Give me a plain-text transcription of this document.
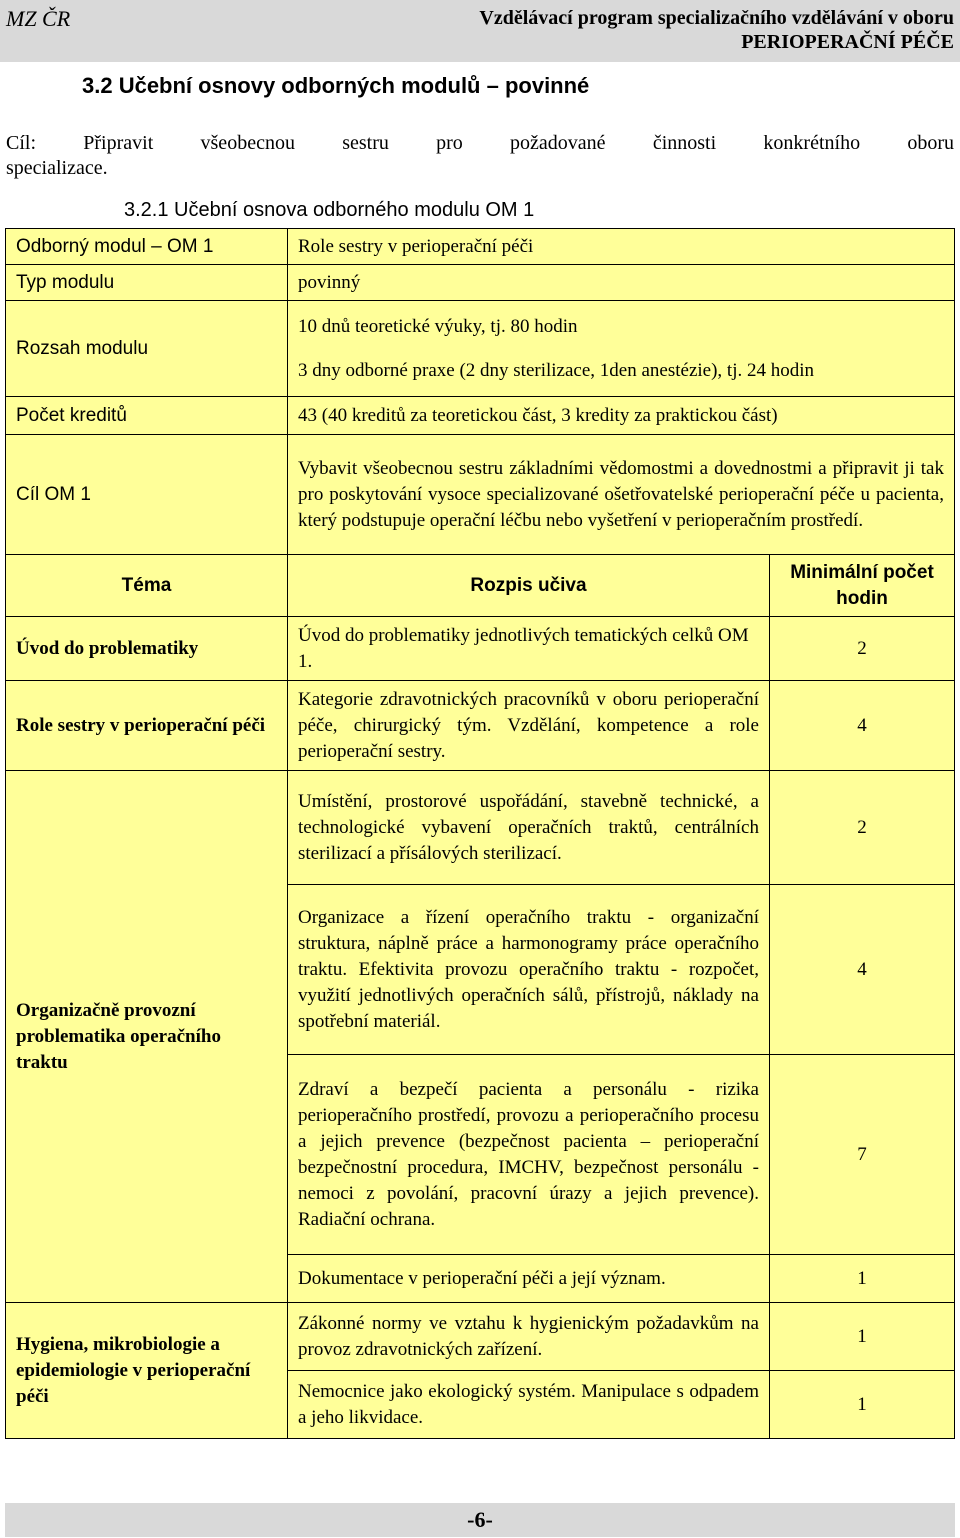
MZ ČR	Vzdělávací program specializačního vzdělávání v oboru
PERIOPERAČNÍ PÉČE
3.2 Učební osnovy odborných modulů – povinné
Cíl: Připravit všeobecnou sestru pro požadované činnosti konkrétního oboru
specializace.
3.2.1 Učební osnova odborného modulu OM 1
Odborný modul – OM 1	Role sestry v perioperační péči	
Typ modulu	povinný	
Rozsah modulu	10 dnů teoretické výuky, tj. 80 hodin

3 dny odborné praxe (2 dny sterilizace, 1den anestézie), tj. 24 hodin	

Počet kreditů	43 (40 kreditů za teoretickou část, 3 kredity za praktickou část)	
Cíl OM 1	Vybavit všeobecnou sestru základními vědomostmi a dovednostmi a připravit ji tak pro poskytování vysoce specializované ošetřovatelské perioperační péče u pacienta, který podstupuje operační léčbu nebo vyšetření v perioperačním prostředí.	
Téma	Rozpis učiva	Minimální počet hodin
Úvod do problematiky	Úvod do problematiky jednotlivých tematických celků OM 1.	2
Role sestry v perioperační péči	Kategorie zdravotnických pracovníků v oboru perioperační péče, chirurgický tým. Vzdělání, kompetence a role perioperační sestry.	4
Organizačně provozní problematika operačního traktu	Umístění, prostorové uspořádání, stavebně technické, a technologické vybavení operačních traktů, centrálních sterilizací a přísálových sterilizací.	2
	Organizace a řízení operačního traktu - organizační struktura, náplně práce a harmonogramy práce operačního traktu. Efektivita provozu operačního traktu - rozpočet, využití jednotlivých operačních sálů, přístrojů, náklady na spotřební materiál.	4
	Zdraví a bezpečí pacienta a personálu - rizika perioperačního prostředí, provozu a perioperačního procesu a jejich prevence (bezpečnost pacienta – perioperační bezpečnostní procedura, IMCHV, bezpečnost personálu - nemoci z povolání, pracovní úrazy a jejich prevence). Radiační ochrana.	7
	Dokumentace v perioperační péči a její význam.	1
Hygiena, mikrobiologie a epidemiologie v perioperační péči	Zákonné normy ve vztahu k hygienickým požadavkům na provoz zdravotnických zařízení.	1
	Nemocnice jako ekologický systém. Manipulace s odpadem a jeho likvidace.	1
-6-
